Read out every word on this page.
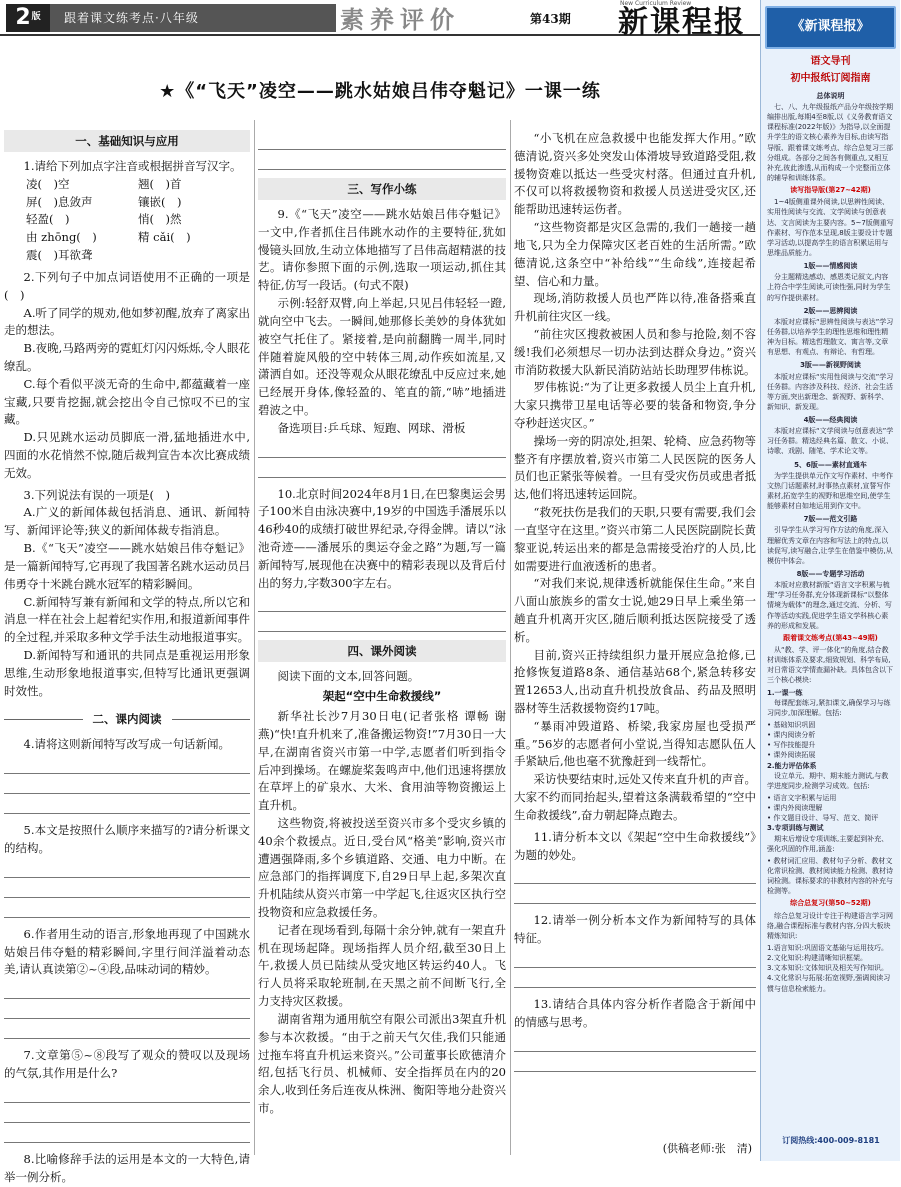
2 版 跟着课文练考点·八年级	素养评价	第43期
New Curriculum Review
新课程报
★《“飞天”凌空——跳水姑娘吕伟夺魁记》一课一练
一、基础知识与应用

1.请给下列加点字注音或根据拼音写汉字。

凌(　)空	翘(　)首
屏(　)息敛声	镶嵌(　)
轻盈(　)	悄(　)然
由 zhōng(　)	精 cǎi(　)
震(　)耳欲聋

2.下列句子中加点词语使用不正确的一项是(　)

A.听了同学的规劝,他如梦初醒,放弃了离家出走的想法。

B.夜晚,马路两旁的霓虹灯闪闪烁烁,令人眼花缭乱。

C.每个看似平淡无奇的生命中,都蕴藏着一座宝藏,只要肯挖掘,就会挖出令自己惊叹不已的宝藏。

D.只见跳水运动员脚底一滑,猛地插进水中,四面的水花悄然不惊,随后裁判宣告本次比赛成绩无效。

3.下列说法有误的一项是(　)

A.广义的新闻体裁包括消息、通讯、新闻特写、新闻评论等;狭义的新闻体裁专指消息。

B.《“飞天”凌空——跳水姑娘吕伟夺魁记》是一篇新闻特写,它再现了我国著名跳水运动员吕伟勇夺十米跳台跳水冠军的精彩瞬间。

C.新闻特写兼有新闻和文学的特点,所以它和消息一样在社会上起着纪实作用,和报道新闻事件的全过程,并采取多种文学手法生动地报道事实。

D.新闻特写和通讯的共同点是重视运用形象思维,生动形象地报道事实,但特写比通讯更强调时效性。

二、课内阅读

4.请将这则新闻特写改写成一句话新闻。

5.本文是按照什么顺序来描写的?请分析课文的结构。

6.作者用生动的语言,形象地再现了中国跳水姑娘吕伟夺魁的精彩瞬间,字里行间洋溢着动态美,请认真读第②~④段,品味动词的精妙。

7.文章第⑤~⑧段写了观众的赞叹以及现场的气氛,其作用是什么?

8.比喻修辞手法的运用是本文的一大特色,请举一例分析。

三、写作小练

9.《“飞天”凌空——跳水姑娘吕伟夺魁记》一文中,作者抓住吕伟跳水动作的主要特征,犹如慢镜头回放,生动立体地描写了吕伟高超精湛的技艺。请你参照下面的示例,选取一项运动,抓住其特征,仿写一段话。(句式不限)

示例:轻舒双臂,向上举起,只见吕伟轻轻一蹬,就向空中飞去。一瞬间,她那修长美妙的身体犹如被空气托住了。紧接着,是向前翻腾一周半,同时伴随着旋风般的空中转体三周,动作疾如流星,又潇洒自如。还没等观众从眼花缭乱中反应过来,她已经展开身体,像轻盈的、笔直的箭,“哧”地插进碧波之中。

备选项目:乒乓球、短跑、网球、滑板

10.北京时间2024年8月1日,在巴黎奥运会男子100米自由泳决赛中,19岁的中国选手潘展乐以46秒40的成绩打破世界纪录,夺得金牌。请以“泳池奇迹——潘展乐的奥运夺金之路”为题,写一篇新闻特写,展现他在决赛中的精彩表现以及背后付出的努力,字数300字左右。

四、课外阅读

阅读下面的文本,回答问题。

架起“空中生命救援线”

新华社长沙7月30日电(记者张格 谭畅 谢燕)“快!直升机来了,准备搬运物资!”7月30日一大早,在湖南省资兴市第一中学,志愿者们听到指令后冲到操场。在螺旋桨轰鸣声中,他们迅速将摆放在草坪上的矿泉水、大米、食用油等物资搬运上直升机。

这些物资,将被投送至资兴市多个受灾乡镇的40余个救援点。近日,受台风“格美”影响,资兴市遭遇强降雨,多个乡镇道路、交通、电力中断。在应急部门的指挥调度下,自29日早上起,多架次直升机陆续从资兴市第一中学起飞,往返灾区执行空投物资和应急救援任务。

记者在现场看到,每隔十余分钟,就有一架直升机在现场起降。现场指挥人员介绍,截至30日上午,救援人员已陆续从受灾地区转运约40人。飞行人员将采取轮班制,在天黑之前不间断飞行,全力支持灾区救援。

湖南省翔为通用航空有限公司派出3架直升机参与本次救援。“由于之前天气欠佳,我们只能通过拖车将直升机运来资兴。”公司董事长欧德清介绍,包括飞行员、机械师、安全指挥员在内的20余人,收到任务后连夜从株洲、衡阳等地分赴资兴市。

“小飞机在应急救援中也能发挥大作用。”欧德清说,资兴多处突发山体滑坡导致道路受阻,救援物资难以抵达一些受灾村落。但通过直升机,不仅可以将救援物资和救援人员送进受灾区,还能帮助迅速转运伤者。

“这些物资都是灾区急需的,我们一趟接一趟地飞,只为全力保障灾区老百姓的生活所需。”欧德清说,这条空中“补给线”“生命线”,连接起希望、信心和力量。

现场,消防救援人员也严阵以待,准备搭乘直升机前往灾区一线。

“前往灾区搜救被困人员和参与抢险,刻不容缓!我们必须想尽一切办法到达群众身边。”资兴市消防救援大队新民消防站站长助理罗伟栋说。

罗伟栋说:“为了让更多救援人员尘上直升机,大家只携带卫星电话等必要的装备和物资,争分夺秒赶送灾区。”

操场一旁的阴凉处,担架、轮椅、应急药物等整齐有序摆放着,资兴市第二人民医院的医务人员们也正紧张等候着。一旦有受灾伤员或患者抵达,他们将迅速转运回院。

“救死扶伤是我们的天职,只要有需要,我们会一直坚守在这里。”资兴市第二人民医院副院长黄黎亚说,转运出来的都是急需接受治疗的人员,比如需要进行血液透析的患者。

“对我们来说,规律透析就能保住生命。”来自八面山旅族乡的雷女士说,她29日早上乘坐第一趟直升机离开灾区,随后顺利抵达医院接受了透析。

目前,资兴正持续组织力量开展应急抢修,已抢修恢复道路8条、通信基站68个,紧急转移安置12653人,出动直升机投放食品、药品及照明器材等生活救援物资约17吨。

“暴雨冲毁道路、桥梁,我家房屋也受损严重。”56岁的志愿者何小堂说,当得知志愿队伍人手紧缺后,他也毫不犹豫赶到一线帮忙。

采访快要结束时,远处又传来直升机的声音。大家不约而同抬起头,望着这条满载希望的“空中生命救援线”,奋力朝起降点跑去。

11.请分析本文以《架起“空中生命救援线”》为题的妙处。

12.请举一例分析本文作为新闻特写的具体特征。

13.请结合具体内容分析作者隐含于新闻中的情感与思考。

(供稿老师:张　清)
《新课程报》
语文导刊
初中报纸订阅指南
总体说明

七、八、九年级报纸产品分年级按学期编排出版,每期4至8版,以《义务教育语文课程标准(2022年版)》为指导,以全面提升学生的语文核心素养为目标,由读写指导版、跟着课文练考点、综合总复习三部分组成。各部分之间各有侧重点,又相互补充,彼此渗透,从而构成一个完整而立体的辅导和训练体系。

读写指导版(第27~42期)

1~4版侧重课外阅读,以思辨性阅读、实用性阅读与交流、文学阅读与创意表达、文言阅读为主要内容。5~7版侧重写作素材、写作范本呈现,8版主要设计专题学习活动,以提高学生的语言积累运用与思维品质能力。

1版——情感阅读

分主题精选感动、感恩类记叙文,内容上符合中学生阅读,可读性强,同时为学生的写作提供素材。

2版——思辨阅读

本版对应课标“思辨性阅读与表达”学习任务群,以培养学生的理性思维和理性精神为目标。精选哲理散文、寓言等,文章有思想、有观点、有辩论、有哲理。

3版——新视野阅读

本版对应课标“实用性阅读与交流”学习任务群。内容涉及科技、经济、社会生活等方面,突出新理念、新视野、新科学、新知识、新发现。

4版——经典阅读

本版对应课标“文学阅读与创意表达”学习任务群。精选经典名篇、散文、小说、诗歌、戏剧、随笔、学术论文等。

5、6版——素材直通车

为学生提供单元作文写作素材、中考作文热门话题素材,时事热点素材,宣誓写作素材,拓宽学生的视野和思维空间,使学生能够素材自如地运用到作文中。

7版——范文引路

引导学生从学习写作方法的角度,深入理解优秀文章在内容和写法上的特点,以读促写,读写融合,让学生在借鉴中模仿,从模仿中体会。

8版——专题学习活动

本版对应教材新版“语言文字积累与梳理”学习任务群,充分体现新课标“以整体情境为载体”的理念,通过交流、分析、写作等活动实践,促进学生语文学科核心素养的形成和发展。

跟着课文练考点(第43~49期)

从“教、学、评一体化”的角度,结合教材训练体系及要求,细致规划、科学布局,对日常语文学情查漏补缺。具体包含以下三个核心模块:

1.一课一练

每课配套练习,紧扣课文,确保学习与练习同步,加深理解。包括:

• 基础知识巩固
• 课内阅读分析
• 写作技能提升
• 课外阅读拓展
2.能力评估体系

设立单元、期中、期末能力测试,与教学进度同步,检测学习成效。包括:

• 语言文字积累与运用
• 课内外阅读理解
• 作文题目设计、导写、范文、简评
3.专项训练与测试

期末后增设专项训练,主要起到补充、强化巩固的作用,涵盖:

• 教材词汇应用、教材句子分析、教材文化常识检测、教材阅读能力检测、教材诗词检测。课标要求的非教材内容的补充与检测等。
综合总复习(第50~52期)

综合总复习设计专注于构建语言学习网络,融合课程标准与教材内容,分四大板块精炼知识:

1.语言知识:巩固语文基础与运用技巧。
2.文化知识:构建清晰知识框架。
3.文本知识:文体知识及相关写作知识。
4.文化常识与拓展:拓宽视野,强调阅读习惯与信息检索能力。
订阅热线:400-009-8181
